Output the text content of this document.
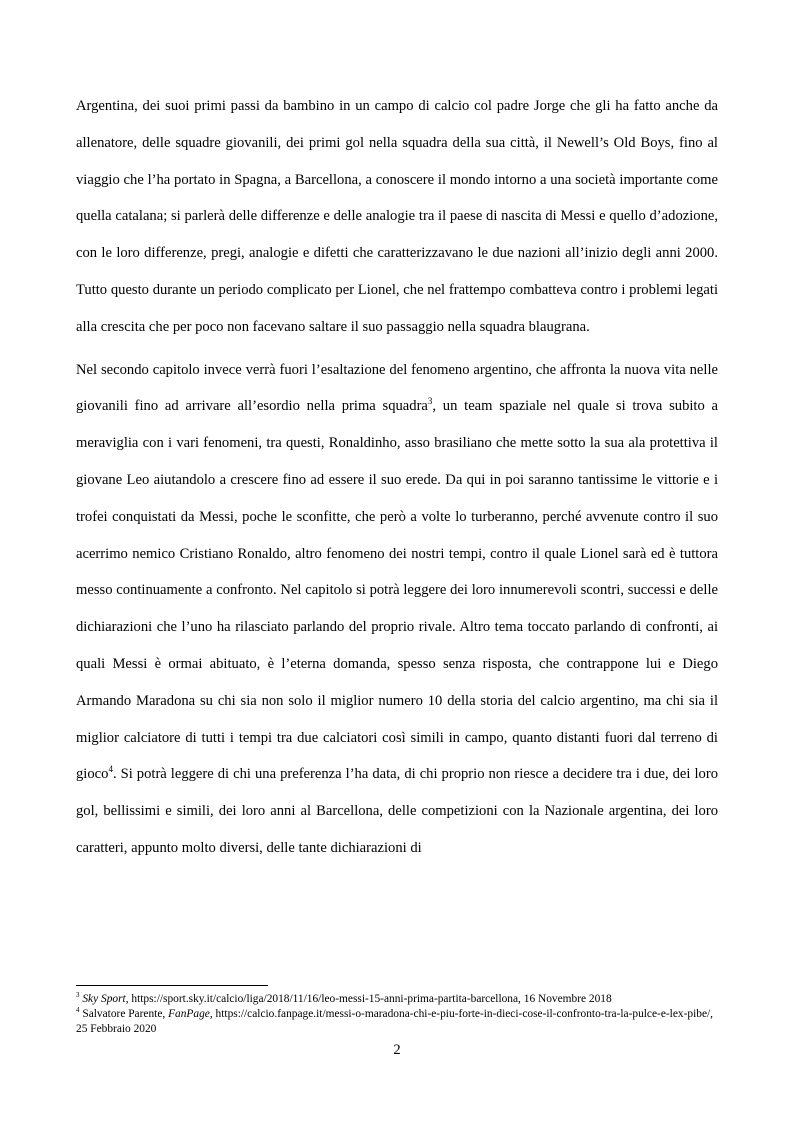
Argentina, dei suoi primi passi da bambino in un campo di calcio col padre Jorge che gli ha fatto anche da allenatore, delle squadre giovanili, dei primi gol nella squadra della sua città, il Newell’s Old Boys, fino al viaggio che l’ha portato in Spagna, a Barcellona, a conoscere il mondo intorno a una società importante come quella catalana; si parlerà delle differenze e delle analogie tra il paese di nascita di Messi e quello d’adozione, con le loro differenze, pregi, analogie e difetti che caratterizzavano le due nazioni all’inizio degli anni 2000. Tutto questo durante un periodo complicato per Lionel, che nel frattempo combatteva contro i problemi legati alla crescita che per poco non facevano saltare il suo passaggio nella squadra blaugrana.

Nel secondo capitolo invece verrà fuori l’esaltazione del fenomeno argentino, che affronta la nuova vita nelle giovanili fino ad arrivare all’esordio nella prima squadra$^3$, un team spaziale nel quale si trova subito a meraviglia con i vari fenomeni, tra questi, Ronaldinho, asso brasiliano che mette sotto la sua ala protettiva il giovane Leo aiutandolo a crescere fino ad essere il suo erede. Da qui in poi saranno tantissime le vittorie e i trofei conquistati da Messi, poche le sconfitte, che però a volte lo turberanno, perché avvenute contro il suo acerrimo nemico Cristiano Ronaldo, altro fenomeno dei nostri tempi, contro il quale Lionel sarà ed è tuttora messo continuamente a confronto. Nel capitolo si potrà leggere dei loro innumerevoli scontri, successi e delle dichiarazioni che l’uno ha rilasciato parlando del proprio rivale. Altro tema toccato parlando di confronti, ai quali Messi è ormai abituato, è l’eterna domanda, spesso senza risposta, che contrappone lui e Diego Armando Maradona su chi sia non solo il miglior numero 10 della storia del calcio argentino, ma chi sia il miglior calciatore di tutti i tempi tra due calciatori così simili in campo, quanto distanti fuori dal terreno di gioco$^4$. Si potrà leggere di chi una preferenza l’ha data, di chi proprio non riesce a decidere tra i due, dei loro gol, bellissimi e simili, dei loro anni al Barcellona, delle competizioni con la Nazionale argentina, dei loro caratteri, appunto molto diversi, delle tante dichiarazioni di

$^3$ Sky Sport, https://sport.sky.it/calcio/liga/2018/11/16/leo-messi-15-anni-prima-partita-barcellona, 16 Novembre 2018

$^4$ Salvatore Parente, FanPage, https://calcio.fanpage.it/messi-o-maradona-chi-e-piu-forte-in-dieci-cose-il-confronto-tra-la-pulce-e-lex-pibe/, 25 Febbraio 2020

2
